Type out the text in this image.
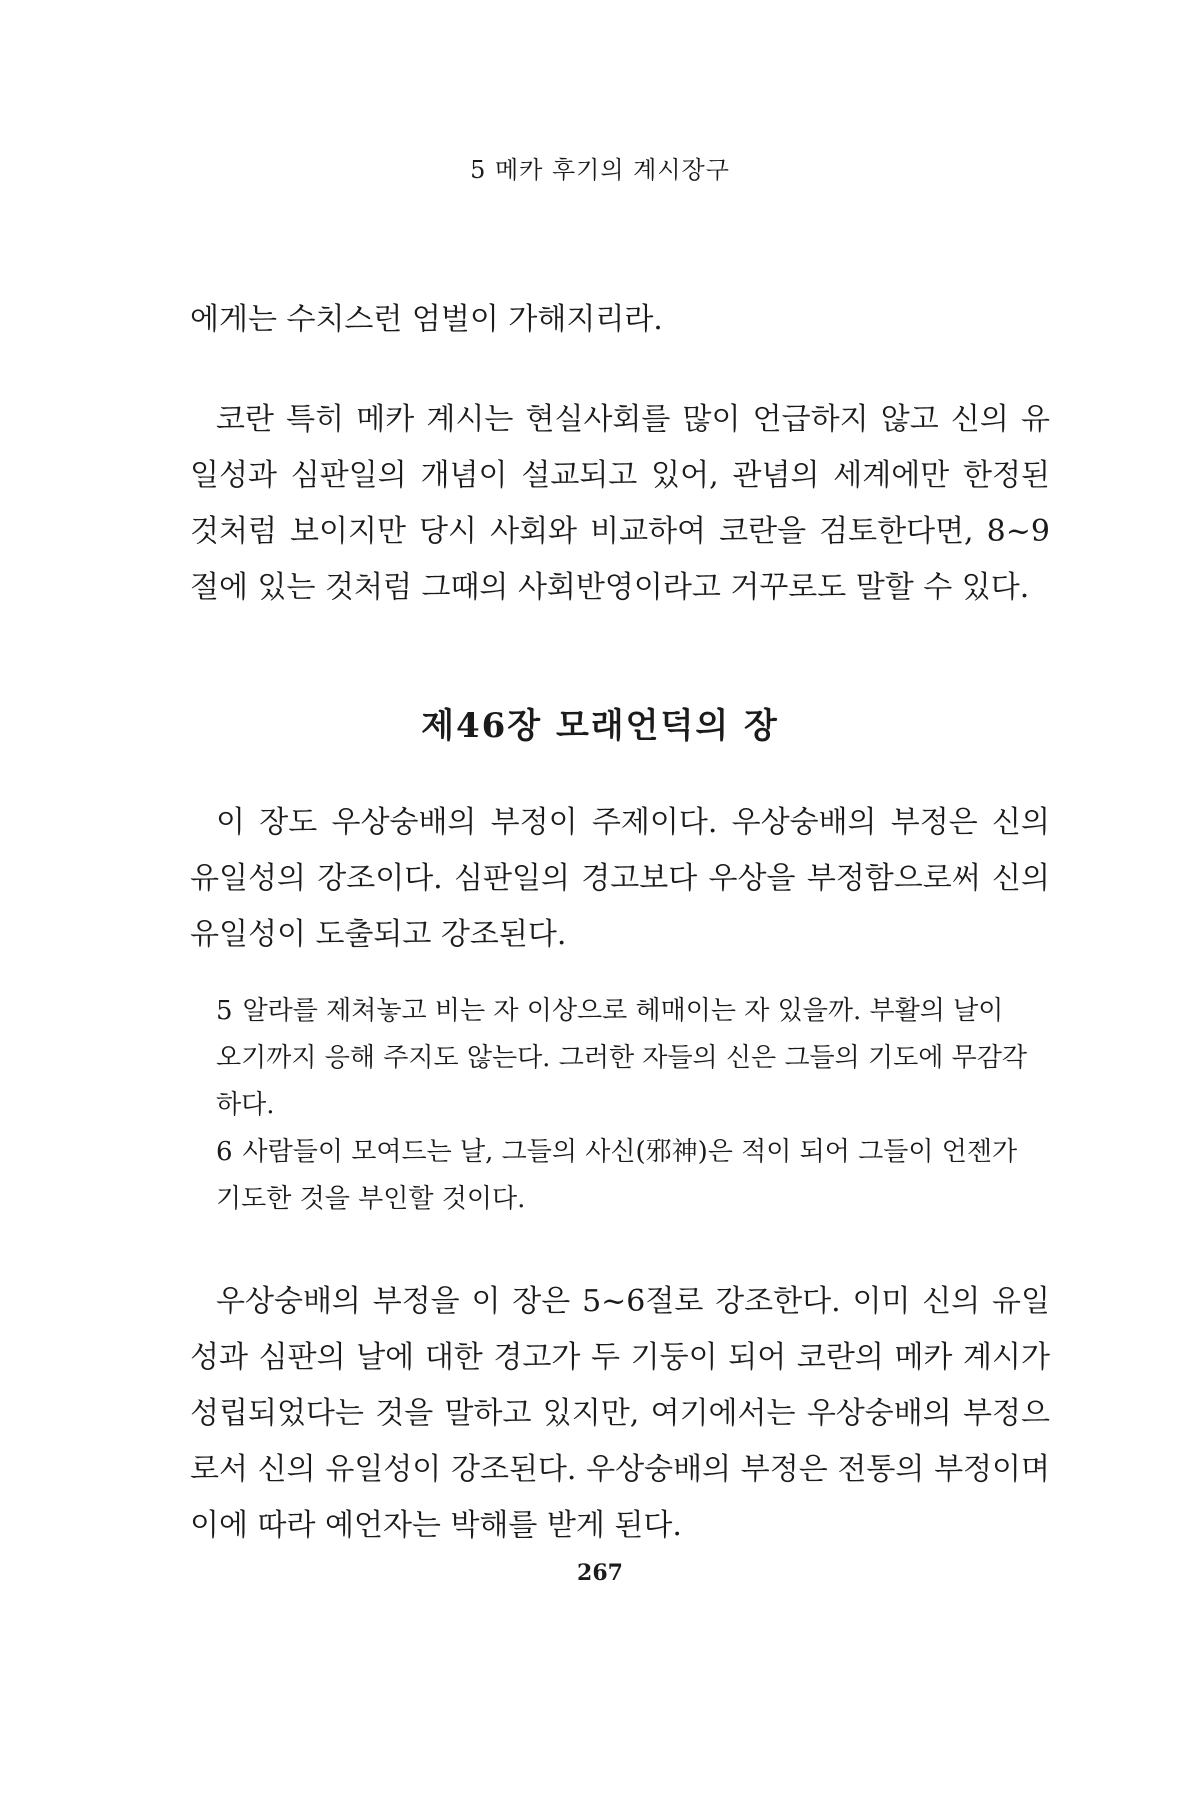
5 메카 후기의 계시장구

에게는 수치스런 엄벌이 가해지리라.

코란 특히 메카 계시는 현실사회를 많이 언급하지 않고 신의 유일성과 심판일의 개념이 설교되고 있어, 관념의 세계에만 한정된 것처럼 보이지만 당시 사회와 비교하여 코란을 검토한다면, 8~9절에 있는 것처럼 그때의 사회반영이라고 거꾸로도 말할 수 있다.

제46장 모래언덕의 장

이 장도 우상숭배의 부정이 주제이다. 우상숭배의 부정은 신의 유일성의 강조이다. 심판일의 경고보다 우상을 부정함으로써 신의 유일성이 도출되고 강조된다.

5 알라를 제쳐놓고 비는 자 이상으로 헤매이는 자 있을까. 부활의 날이 오기까지 응해 주지도 않는다. 그러한 자들의 신은 그들의 기도에 무감각하다.

6 사람들이 모여드는 날, 그들의 사신(邪神)은 적이 되어 그들이 언젠가 기도한 것을 부인할 것이다.

우상숭배의 부정을 이 장은 5~6절로 강조한다. 이미 신의 유일성과 심판의 날에 대한 경고가 두 기둥이 되어 코란의 메카 계시가 성립되었다는 것을 말하고 있지만, 여기에서는 우상숭배의 부정으로서 신의 유일성이 강조된다. 우상숭배의 부정은 전통의 부정이며 이에 따라 예언자는 박해를 받게 된다.

267
